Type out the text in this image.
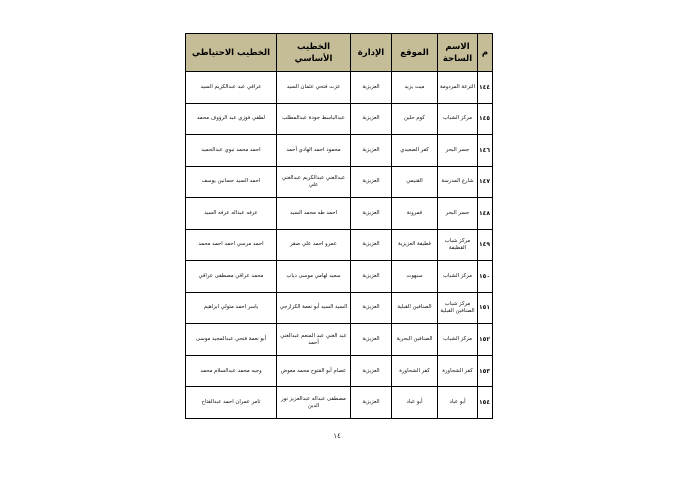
م	الاسم الساحة	الموقع	الإدارة	الخطيب الأساسي	الخطيب الاحتياطي
١٤٤	الترعة المردومة	ميت يزيد	العزيزية	عزت فتحي عثمان السيد	عراقي عبد عبدالكريم السيد
١٤٥	مركز الشباب	كوم حلين	العزيزية	عبدالباسط جودة عبدالمطلب	لطفي فوزي عبد الرؤوف محمد
١٤٦	جسر البحر	كفر الصعيدي	العزيزية	محمود احمد الهادي أحمد	احمد محمد نبوي عبدالحميد
١٤٧	شارع المدرسة	القنيمي	العزيزية	عبدالغني عبدالكريم عبدالغني علي	احمد السيد حسانين يوسف
١٤٨	جسر البحر	قمرونة	العزيزية	احمد طه محمد السيد	عرفه عبداله عرفه السيد
١٤٩	مركز شباب القطيفة	قطيفة العزيزية	العزيزية	عمرو احمد علي صقر	احمد مرسي احمد احمد محمد
١٥٠	مركز الشباب	سنهوت	العزيزية	سعيد لهامي موسى دياب	محمد عراقي مصطفى عراقي
١٥١	مركز شباب الصنافين القبلية	الصنافين القبلية	العزيزية	السيد السيد أبو نعمة الكرارجي	ياسر احمد متولي ابراهيم
١٥٢	مركز الشباب	الصنافين البحرية	العزيزية	عبد الغني عبد المنعم عبدالغني أحمد	أبو نعمة فتحي عبدالمجيد موسى
١٥٣	كفر الشحاورة	كفر الشحاورة	العزيزية	عصام أبو الفتوح محمد معوض	وجيه محمد عبدالسلام محمد
١٥٤	أبو عباد	أبو عباد	العزيزية	مصطفى عبداله عبدالعزيز نور الدين	تامر عمران احمد عبدالفتاح
١٤
